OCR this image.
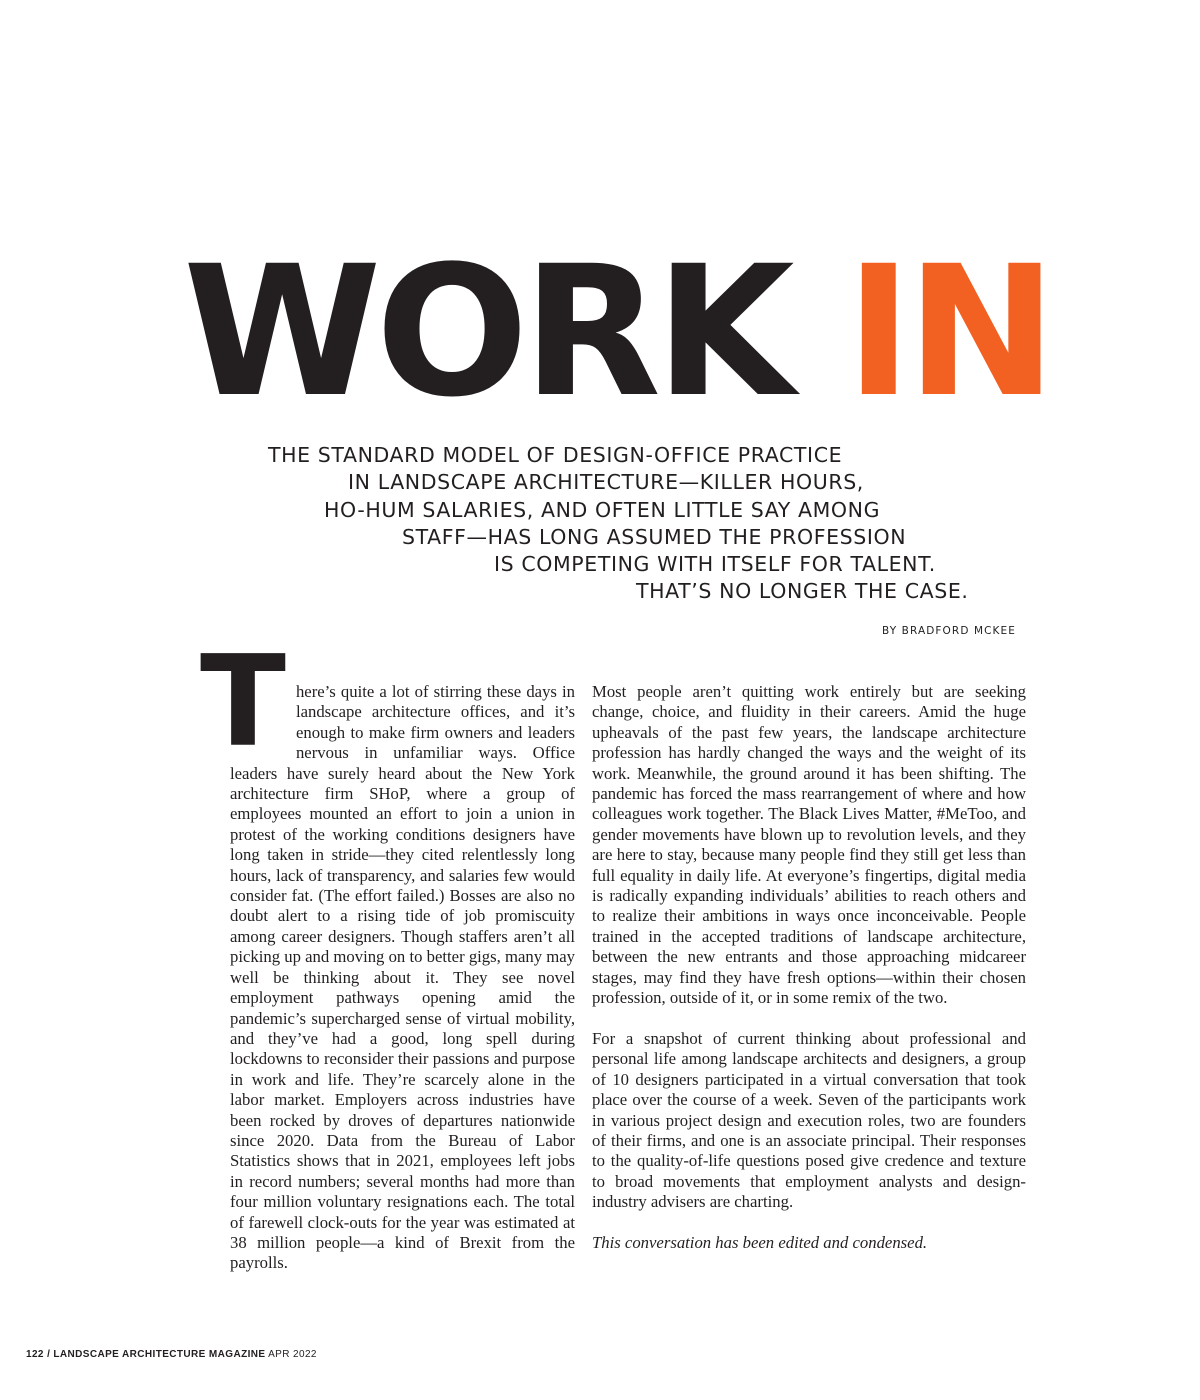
WORK IN
THE STANDARD MODEL OF DESIGN-OFFICE PRACTICE
IN LANDSCAPE ARCHITECTURE—KILLER HOURS,
HO-HUM SALARIES, AND OFTEN LITTLE SAY AMONG
STAFF—HAS LONG ASSUMED THE PROFESSION
IS COMPETING WITH ITSELF FOR TALENT.
THAT’S NO LONGER THE CASE.
BY BRADFORD MCKEE

There’s quite a lot of stirring these days in landscape architecture offices, and it’s enough to make firm owners and leaders nervous in unfamiliar ways. Office leaders have surely heard about the New York architecture firm SHoP, where a group of employees mounted an effort to join a union in protest of the working conditions designers have long taken in stride—they cited relentlessly long hours, lack of transparency, and salaries few would consider fat. (The effort failed.) Bosses are also no doubt alert to a rising tide of job promiscuity among career designers. Though staffers aren’t all picking up and moving on to better gigs, many may well be thinking about it. They see novel employment pathways opening amid the pandemic’s supercharged sense of virtual mobility, and they’ve had a good, long spell during lockdowns to reconsider their passions and purpose in work and life. They’re scarcely alone in the labor market. Employers across industries have been rocked by droves of departures nationwide since 2020. Data from the Bureau of Labor Statistics shows that in 2021, employees left jobs in record numbers; several months had more than four million voluntary resignations each. The total of farewell clock-outs for the year was estimated at 38 million people—a kind of Brexit from the payrolls.

Most people aren’t quitting work entirely but are seeking change, choice, and fluidity in their careers. Amid the huge upheavals of the past few years, the landscape architecture profession has hardly changed the ways and the weight of its work. Meanwhile, the ground around it has been shifting. The pandemic has forced the mass rearrangement of where and how colleagues work together. The Black Lives Matter, #MeToo, and gender movements have blown up to revolution levels, and they are here to stay, because many people find they still get less than full equality in daily life. At everyone’s fingertips, digital media is radically expanding individuals’ abilities to reach others and to realize their ambitions in ways once inconceivable. People trained in the accepted traditions of landscape architecture, between the new entrants and those approaching midcareer stages, may find they have fresh options—within their chosen profession, outside of it, or in some remix of the two.

For a snapshot of current thinking about professional and personal life among landscape architects and designers, a group of 10 designers participated in a virtual conversation that took place over the course of a week. Seven of the participants work in various project design and execution roles, two are founders of their firms, and one is an associate principal. Their responses to the quality-of-life questions posed give credence and texture to broad movements that employment analysts and design-industry advisers are charting.

This conversation has been edited and condensed.

122 / LANDSCAPE ARCHITECTURE MAGAZINE APR 2022
